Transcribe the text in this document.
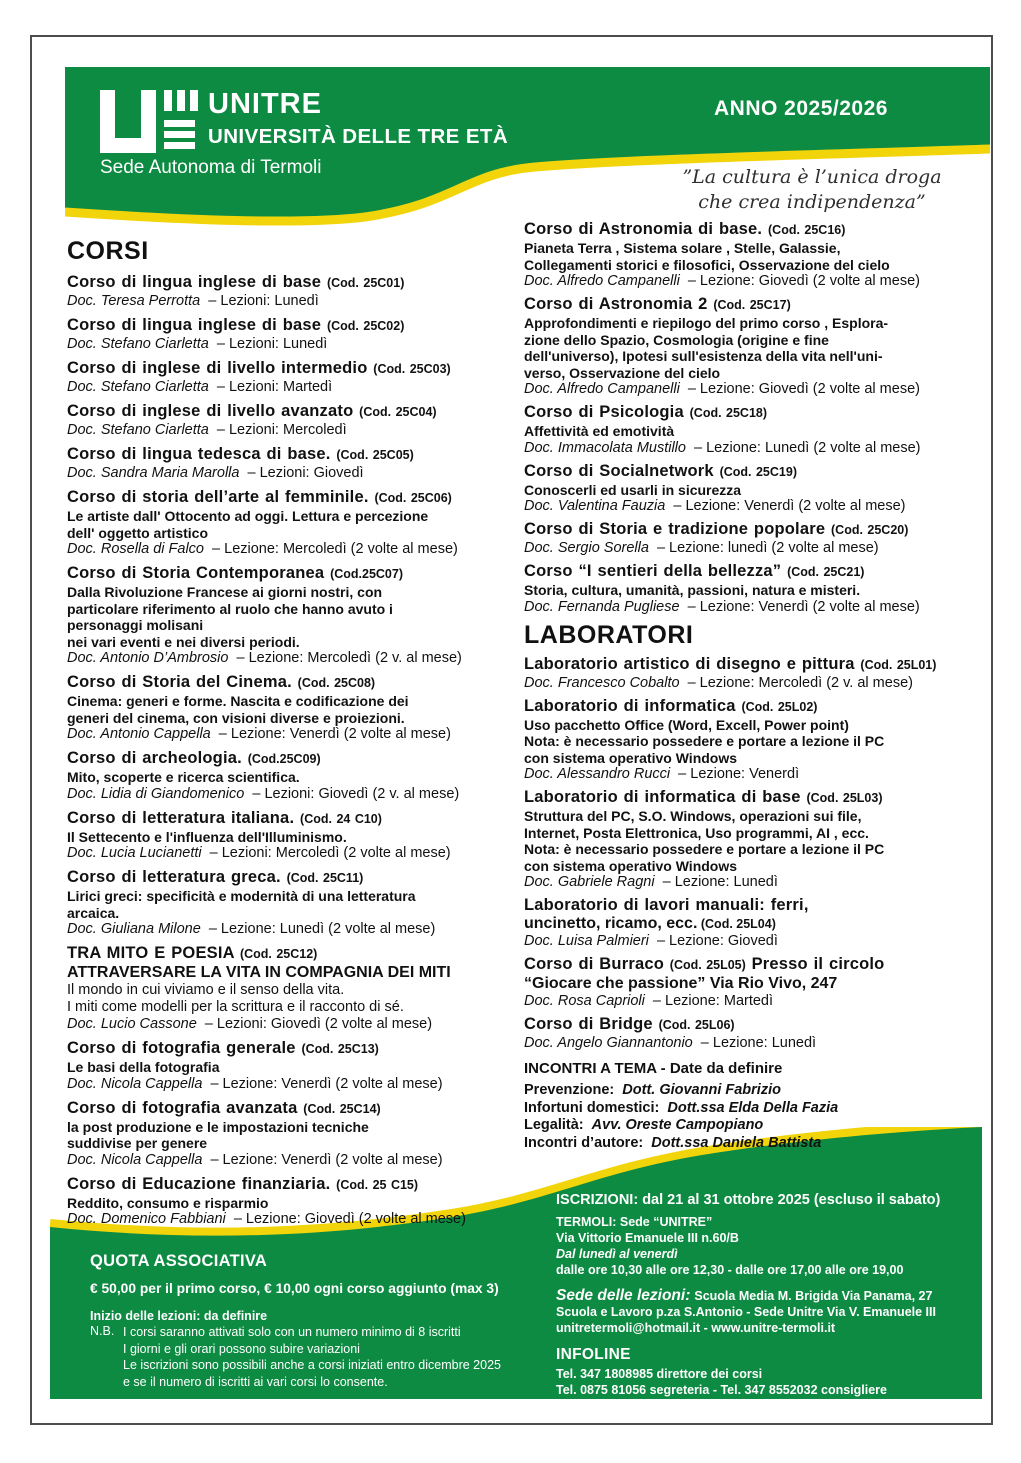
UNITRE
UNIVERSITÀ DELLE TRE ETÀ
Sede Autonoma di Termoli
ANNO 2025/2026
”La cultura è l’unica droga
che crea indipendenza”
CORSI
Corso di lingua inglese di base (Cod. 25C01)
Doc. Teresa Perrotta – Lezioni: Lunedì
Corso di lingua inglese di base (Cod. 25C02)
Doc. Stefano Ciarletta – Lezioni: Lunedì
Corso di inglese di livello intermedio (Cod. 25C03)
Doc. Stefano Ciarletta – Lezioni: Martedì
Corso di inglese di livello avanzato (Cod. 25C04)
Doc. Stefano Ciarletta – Lezioni: Mercoledì
Corso di lingua tedesca di base. (Cod. 25C05)
Doc. Sandra Maria Marolla – Lezioni: Giovedì
Corso di storia dell’arte al femminile. (Cod. 25C06)
Le artiste dall' Ottocento ad oggi. Lettura e percezione
dell' oggetto artistico
Doc. Rosella di Falco – Lezione: Mercoledì (2 volte al mese)
Corso di Storia Contemporanea (Cod.25C07)
Dalla Rivoluzione Francese ai giorni nostri, con
particolare riferimento al ruolo che hanno avuto i
personaggi molisani
nei vari eventi e nei diversi periodi.
Doc. Antonio D’Ambrosio – Lezione: Mercoledì (2 v. al mese)
Corso di Storia del Cinema. (Cod. 25C08)
Cinema: generi e forme. Nascita e codificazione dei
generi del cinema, con visioni diverse e proiezioni.
Doc. Antonio Cappella – Lezione: Venerdì (2 volte al mese)
Corso di archeologia. (Cod.25C09)
Mito, scoperte e ricerca scientifica.
Doc. Lidia di Giandomenico – Lezioni: Giovedì (2 v. al mese)
Corso di letteratura italiana. (Cod. 24 C10)
Il Settecento e l'influenza dell'Illuminismo.
Doc. Lucia Lucianetti – Lezioni: Mercoledì (2 volte al mese)
Corso di letteratura greca. (Cod. 25C11)
Lirici greci: specificità e modernità di una letteratura
arcaica.
Doc. Giuliana Milone – Lezione: Lunedì (2 volte al mese)
TRA MITO E POESIA (Cod. 25C12)
ATTRAVERSARE LA VITA IN COMPAGNIA DEI MITI
Il mondo in cui viviamo e il senso della vita.
I miti come modelli per la scrittura e il racconto di sé.
Doc. Lucio Cassone – Lezioni: Giovedì (2 volte al mese)
Corso di fotografia generale (Cod. 25C13)
Le basi della fotografia
Doc. Nicola Cappella – Lezione: Venerdì (2 volte al mese)
Corso di fotografia avanzata (Cod. 25C14)
la post produzione e le impostazioni tecniche
suddivise per genere
Doc. Nicola Cappella – Lezione: Venerdì (2 volte al mese)
Corso di Educazione finanziaria. (Cod. 25 C15)
Reddito, consumo e risparmio
Doc. Domenico Fabbiani – Lezione: Giovedì (2 volte al mese)
Corso di Astronomia di base. (Cod. 25C16)
Pianeta Terra , Sistema solare , Stelle, Galassie,
Collegamenti storici e filosofici, Osservazione del cielo
Doc. Alfredo Campanelli – Lezione: Giovedì (2 volte al mese)
Corso di Astronomia 2 (Cod. 25C17)
Approfondimenti e riepilogo del primo corso , Esplora-
zione dello Spazio, Cosmologia (origine e fine
dell'universo), Ipotesi sull'esistenza della vita nell'uni-
verso, Osservazione del cielo
Doc. Alfredo Campanelli – Lezione: Giovedì (2 volte al mese)
Corso di Psicologia (Cod. 25C18)
Affettività ed emotività
Doc. Immacolata Mustillo – Lezione: Lunedì (2 volte al mese)
Corso di Socialnetwork (Cod. 25C19)
Conoscerli ed usarli in sicurezza
Doc. Valentina Fauzia – Lezione: Venerdì (2 volte al mese)
Corso di Storia e tradizione popolare (Cod. 25C20)
Doc. Sergio Sorella – Lezione: lunedì (2 volte al mese)
Corso “I sentieri della bellezza” (Cod. 25C21)
Storia, cultura, umanità, passioni, natura e misteri.
Doc. Fernanda Pugliese – Lezione: Venerdì (2 volte al mese)
LABORATORI
Laboratorio artistico di disegno e pittura (Cod. 25L01)
Doc. Francesco Cobalto – Lezione: Mercoledì (2 v. al mese)
Laboratorio di informatica (Cod. 25L02)
Uso pacchetto Office (Word, Excell, Power point)
Nota: è necessario possedere e portare a lezione il PC
con sistema operativo Windows
Doc. Alessandro Rucci – Lezione: Venerdì
Laboratorio di informatica di base (Cod. 25L03)
Struttura del PC, S.O. Windows, operazioni sui file,
Internet, Posta Elettronica, Uso programmi, AI , ecc.
Nota: è necessario possedere e portare a lezione il PC
con sistema operativo Windows
Doc. Gabriele Ragni – Lezione: Lunedì
Laboratorio di lavori manuali: ferri,
uncinetto, ricamo, ecc. (Cod. 25L04)
Doc. Luisa Palmieri – Lezione: Giovedì
Corso di Burraco (Cod. 25L05) Presso il circolo
“Giocare che passione” Via Rio Vivo, 247
Doc. Rosa Caprioli – Lezione: Martedì
Corso di Bridge (Cod. 25L06)
Doc. Angelo Giannantonio – Lezione: Lunedì
INCONTRI A TEMA - Date da definire
Prevenzione: Dott. Giovanni Fabrizio
Infortuni domestici: Dott.ssa Elda Della Fazia
Legalità: Avv. Oreste Campopiano
Incontri d’autore: Dott.ssa Daniela Battista
QUOTA ASSOCIATIVA
€ 50,00 per il primo corso, € 10,00 ogni corso aggiunto (max 3)
Inizio delle lezioni: da definire
N.B. I corsi saranno attivati solo con un numero minimo di 8 iscritti
I giorni e gli orari possono subire variazioni
Le iscrizioni sono possibili anche a corsi iniziati entro dicembre 2025
e se il numero di iscritti ai vari corsi lo consente.
ISCRIZIONI: dal 21 al 31 ottobre 2025 (escluso il sabato)
TERMOLI: Sede “UNITRE”
Via Vittorio Emanuele III n.60/B
Dal lunedì al venerdì
dalle ore 10,30 alle ore 12,30 - dalle ore 17,00 alle ore 19,00
Sede delle lezioni: Scuola Media M. Brigida Via Panama, 27
Scuola e Lavoro p.za S.Antonio - Sede Unitre Via V. Emanuele III
unitretermoli@hotmail.it - www.unitre-termoli.it
INFOLINE
Tel. 347 1808985 direttore dei corsi
Tel. 0875 81056 segreteria - Tel. 347 8552032 consigliere
